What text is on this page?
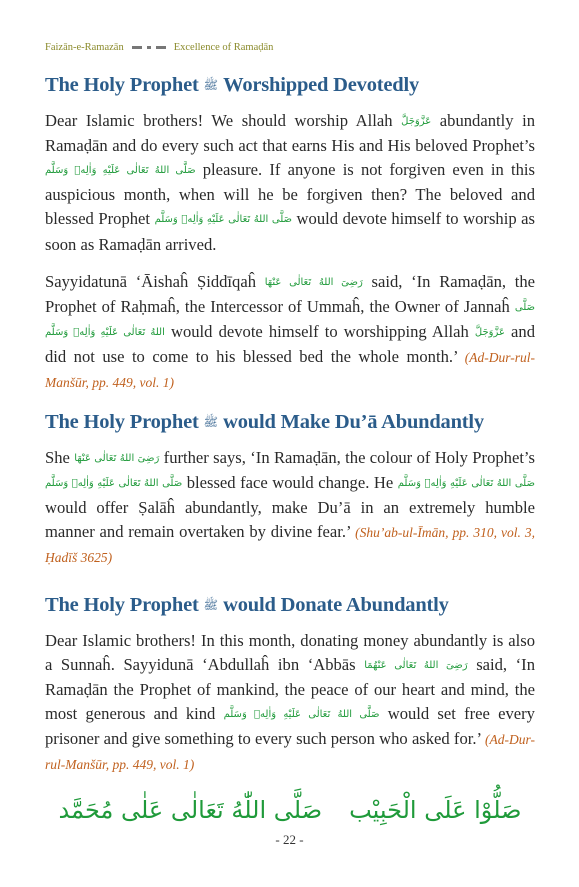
Faizān-e-Ramazān	Excellence of Ramaḍān
The Holy Prophet ﷺ Worshipped Devotedly

Dear Islamic brothers! We should worship Allah عَزَّوَجَلَّ abundantly in Ramaḍān and do every such act that earns His and His beloved Prophet’s صَلَّى اللهُ تَعَالٰى عَلَيْهِ وَاٰلِهٖ وَسَلَّم pleasure. If anyone is not forgiven even in this auspicious month, when will he be forgiven then? The beloved and blessed Prophet صَلَّى اللهُ تَعَالٰى عَلَيْهِ وَاٰلِهٖ وَسَلَّم would devote himself to worship as soon as Ramaḍān arrived.

Sayyidatunā ‘Āishaĥ Ṣiddīqaĥ رَضِیَ اللهُ تَعَالٰی عَنْهَا said, ‘In Ramaḍān, the Prophet of Raḥmaĥ, the Intercessor of Ummaĥ, the Owner of Jannaĥ صَلَّى اللهُ تَعَالٰى عَلَيْهِ وَاٰلِهٖ وَسَلَّم would devote himself to worshipping Allah عَزَّوَجَلَّ and did not use to come to his blessed bed the whole month.’ (Ad-Dur-rul-Manšūr, pp. 449, vol. 1)

The Holy Prophet ﷺ would Make Du’ā Abundantly

She رَضِیَ اللهُ تَعَالٰی عَنْهَا further says, ‘In Ramaḍān, the colour of Holy Prophet’s صَلَّى اللهُ تَعَالٰى عَلَيْهِ وَاٰلِهٖ وَسَلَّم blessed face would change. He صَلَّى اللهُ تَعَالٰى عَلَيْهِ وَاٰلِهٖ وَسَلَّم would offer Ṣalāĥ abundantly, make Du’ā in an extremely humble manner and remain overtaken by divine fear.’ (Shu’ab-ul-Īmān, pp. 310, vol. 3, Ḥadīš 3625)

The Holy Prophet ﷺ would Donate Abundantly

Dear Islamic brothers! In this month, donating money abundantly is also a Sunnaĥ. Sayyidunā ‘Abdullaĥ ibn ‘Abbās رَضِیَ اللهُ تَعَالٰی عَنْهُمَا said, ‘In Ramaḍān the Prophet of mankind, the peace of our heart and mind, the most generous and kind صَلَّى اللهُ تَعَالٰى عَلَيْهِ وَاٰلِهٖ وَسَلَّم would set free every prisoner and give something to every such person who asked for.’ (Ad-Dur-rul-Manšūr, pp. 449, vol. 1)

صَلُّوْا عَلَى الْحَبِيْب
صَلَّى اللّٰهُ تَعَالٰى عَلٰى مُحَمَّد
- 22 -
